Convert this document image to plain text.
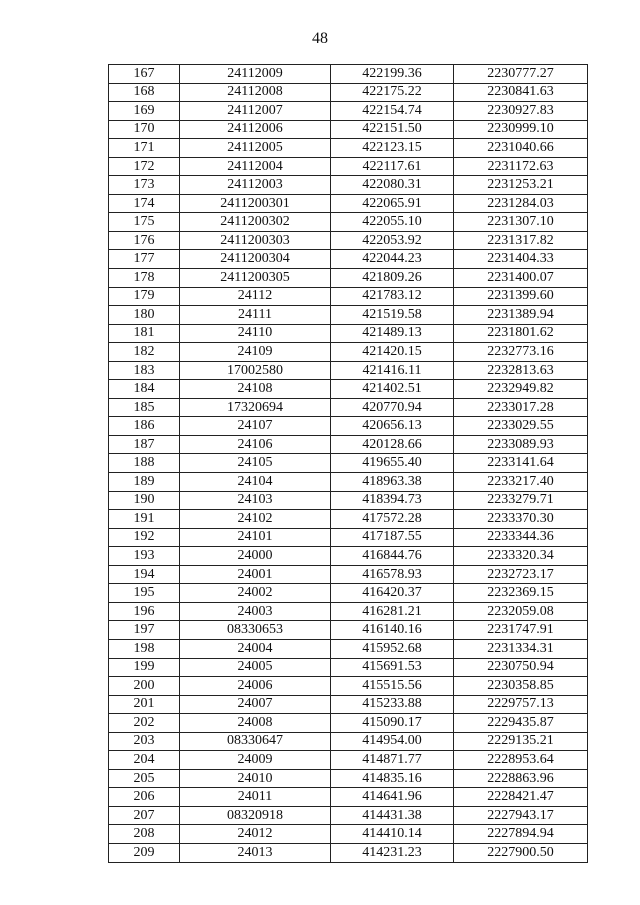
48
167	24112009	422199.36	2230777.27
168	24112008	422175.22	2230841.63
169	24112007	422154.74	2230927.83
170	24112006	422151.50	2230999.10
171	24112005	422123.15	2231040.66
172	24112004	422117.61	2231172.63
173	24112003	422080.31	2231253.21
174	2411200301	422065.91	2231284.03
175	2411200302	422055.10	2231307.10
176	2411200303	422053.92	2231317.82
177	2411200304	422044.23	2231404.33
178	2411200305	421809.26	2231400.07
179	24112	421783.12	2231399.60
180	24111	421519.58	2231389.94
181	24110	421489.13	2231801.62
182	24109	421420.15	2232773.16
183	17002580	421416.11	2232813.63
184	24108	421402.51	2232949.82
185	17320694	420770.94	2233017.28
186	24107	420656.13	2233029.55
187	24106	420128.66	2233089.93
188	24105	419655.40	2233141.64
189	24104	418963.38	2233217.40
190	24103	418394.73	2233279.71
191	24102	417572.28	2233370.30
192	24101	417187.55	2233344.36
193	24000	416844.76	2233320.34
194	24001	416578.93	2232723.17
195	24002	416420.37	2232369.15
196	24003	416281.21	2232059.08
197	08330653	416140.16	2231747.91
198	24004	415952.68	2231334.31
199	24005	415691.53	2230750.94
200	24006	415515.56	2230358.85
201	24007	415233.88	2229757.13
202	24008	415090.17	2229435.87
203	08330647	414954.00	2229135.21
204	24009	414871.77	2228953.64
205	24010	414835.16	2228863.96
206	24011	414641.96	2228421.47
207	08320918	414431.38	2227943.17
208	24012	414410.14	2227894.94
209	24013	414231.23	2227900.50
